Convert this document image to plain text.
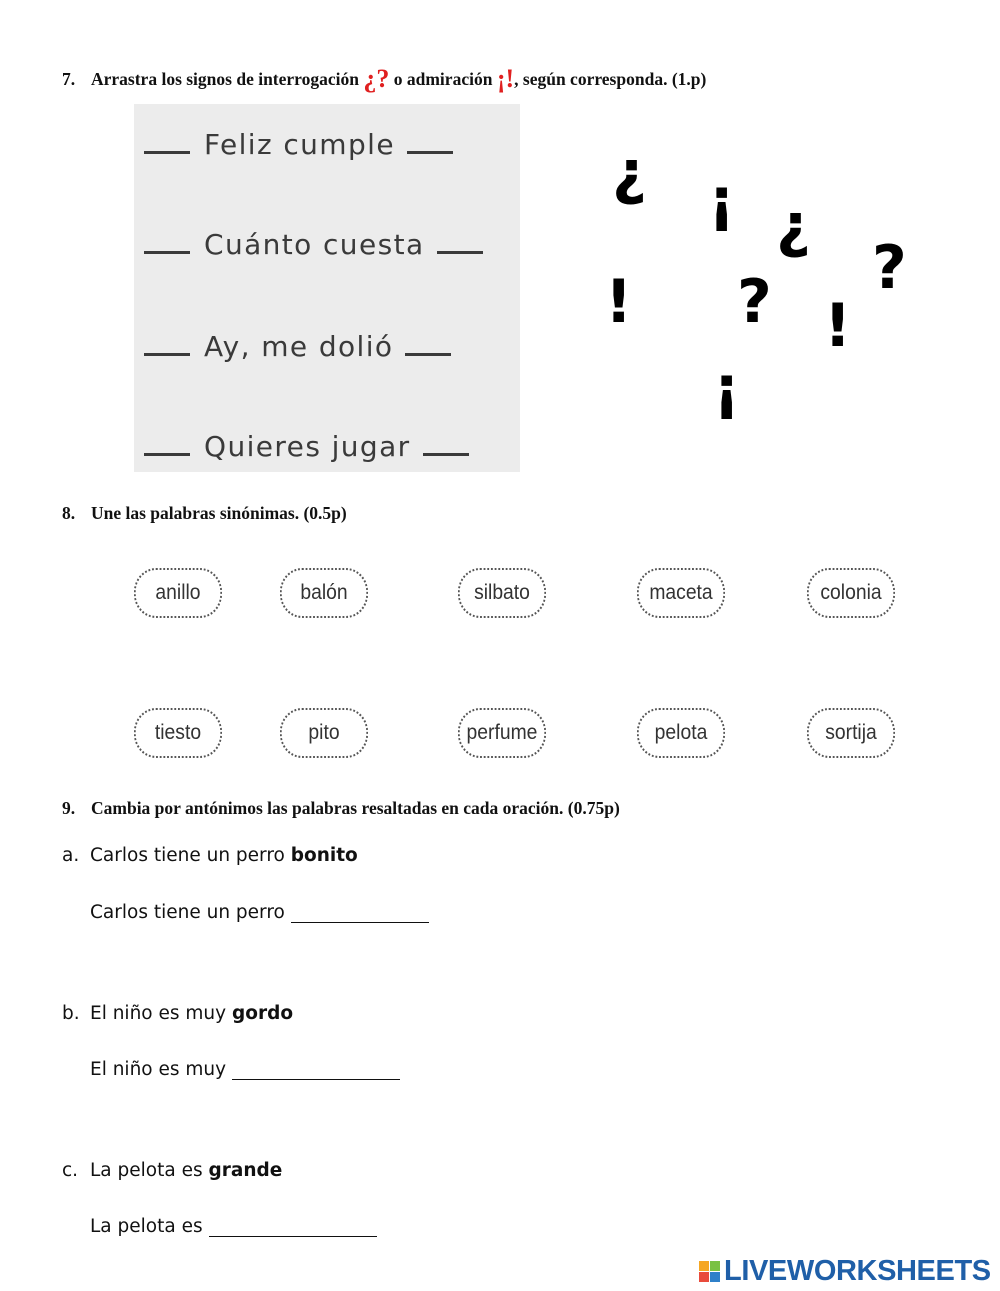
7. Arrastra los signos de interrogación ¿? o admiración ¡!, según corresponda. (1.p)
Feliz cumple
Cuánto cuesta
Ay, me dolió
Quieres jugar
¿ ¡ ¿
?
! ? !
¡
8. Une las palabras sinónimas. (0.5p)
anillo	balón	silbato	maceta	colonia
tiesto	pito	perfume	pelota	sortija
9. Cambia por antónimos las palabras resaltadas en cada oración. (0.75p)
a. Carlos tiene un perro bonito
Carlos tiene un perro
b. El niño es muy gordo
El niño es muy
c. La pelota es grande
La pelota es
LIVEWORKSHEETS
